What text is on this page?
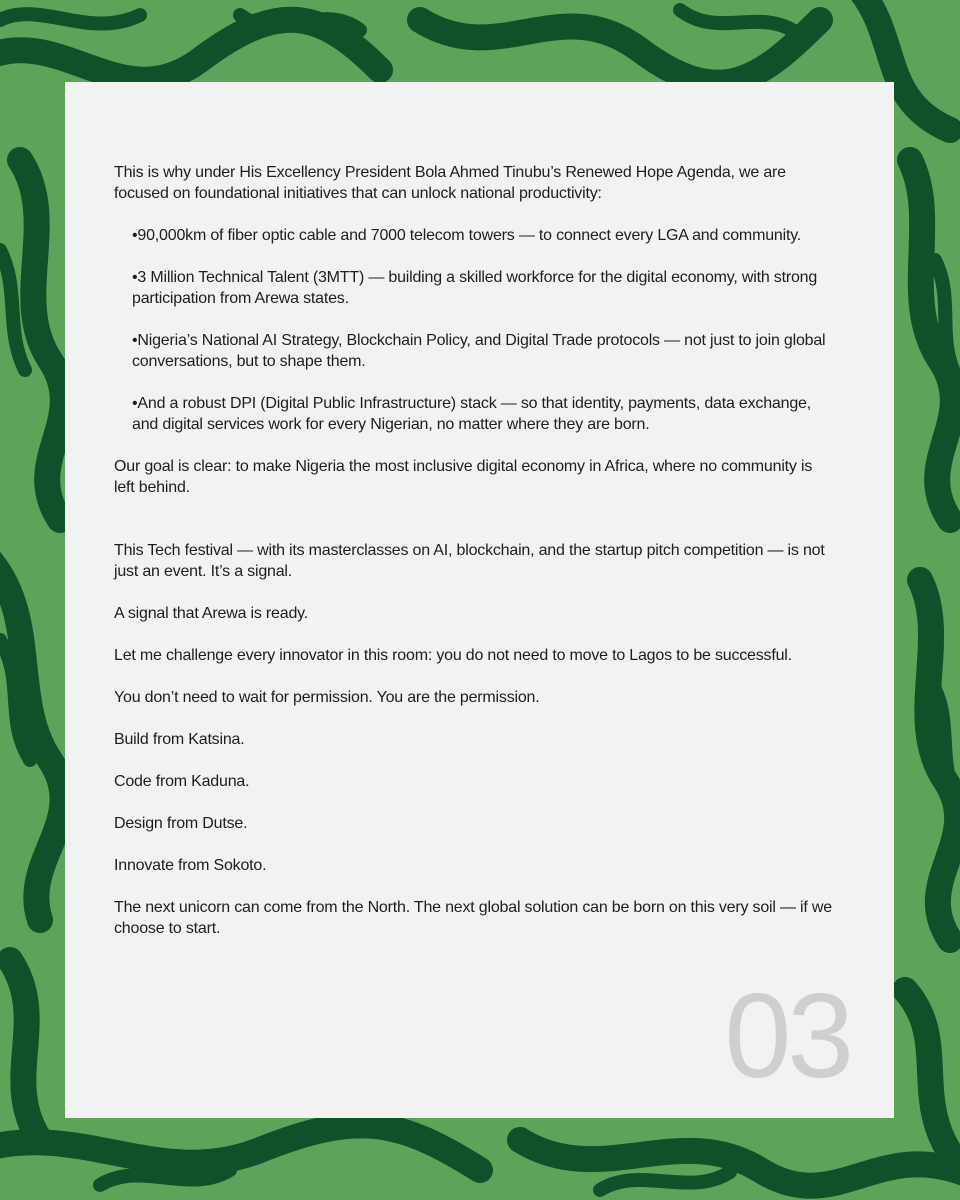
This is why under His Excellency President Bola Ahmed Tinubu’s Renewed Hope Agenda, we are focused on foundational initiatives that can unlock national productivity:

•90,000km of fiber optic cable and 7000 telecom towers — to connect every LGA and community.

•3 Million Technical Talent (3MTT) — building a skilled workforce for the digital economy, with strong participation from Arewa states.

•Nigeria’s National AI Strategy, Blockchain Policy, and Digital Trade protocols — not just to join global conversations, but to shape them.

•And a robust DPI (Digital Public Infrastructure) stack — so that identity, payments, data exchange, and digital services work for every Nigerian, no matter where they are born.

Our goal is clear: to make Nigeria the most inclusive digital economy in Africa, where no community is left behind.

This Tech festival — with its masterclasses on AI, blockchain, and the startup pitch competition — is not just an event. It’s a signal.

A signal that Arewa is ready.

Let me challenge every innovator in this room: you do not need to move to Lagos to be successful.

You don’t need to wait for permission. You are the permission.

Build from Katsina.

Code from Kaduna.

Design from Dutse.

Innovate from Sokoto.

The next unicorn can come from the North. The next global solution can be born on this very soil — if we choose to start.

03
